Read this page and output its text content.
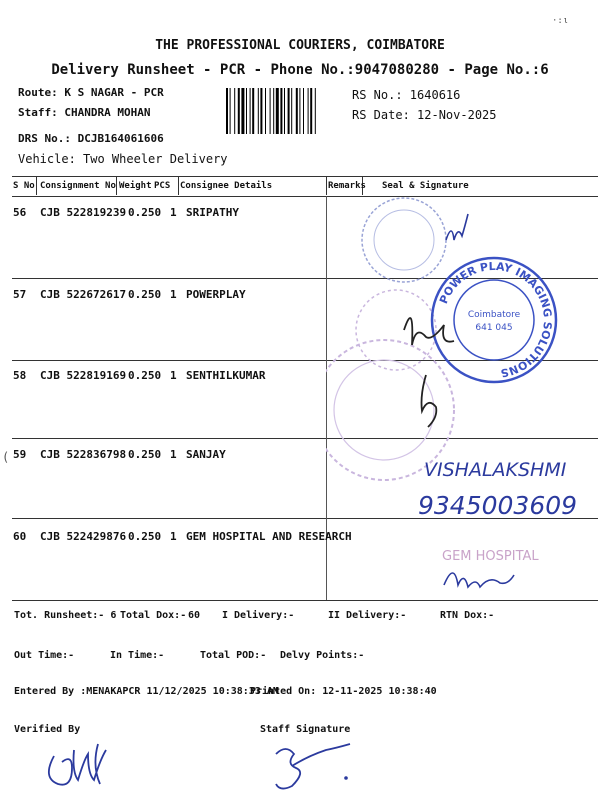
·:ι
THE PROFESSIONAL COURIERS, COIMBATORE
Delivery Runsheet - PCR - Phone No.:9047080280 - Page No.:6
Route: K S NAGAR - PCR
Staff: CHANDRA MOHAN
DRS No.: DCJB164061606
Vehicle: Two Wheeler Delivery
RS No.: 1640616
RS Date: 12-Nov-2025
S No Consignment No Weight PCS Consignee Details	Remarks Seal & Signature
56 CJB 522819239 0.250 1 SRIPATHY
57 CJB 522672617 0.250 1 POWERPLAY
58 CJB 522819169 0.250 1 SENTHILKUMAR
59 CJB 522836798 0.250 1 SANJAY
(
60 CJB 522429876 0.250 1 GEM HOSPITAL AND RESEARCH
POWER PLAY IMAGING SOLUTIONS
Coimbatore
641 045
VISHALAKSHMI
9345003609
GEM HOSPITAL
Tot. Runsheet:- 6 Total Dox:- 60 I Delivery:-	II Delivery:-	RTN Dox:-
Out Time:-	In Time:-	Total POD:- Delvy Points:-
Entered By :MENAKAPCR 11/12/2025 10:38:33 AM
Printed On: 12-11-2025 10:38:40
Verified By	Staff Signature
